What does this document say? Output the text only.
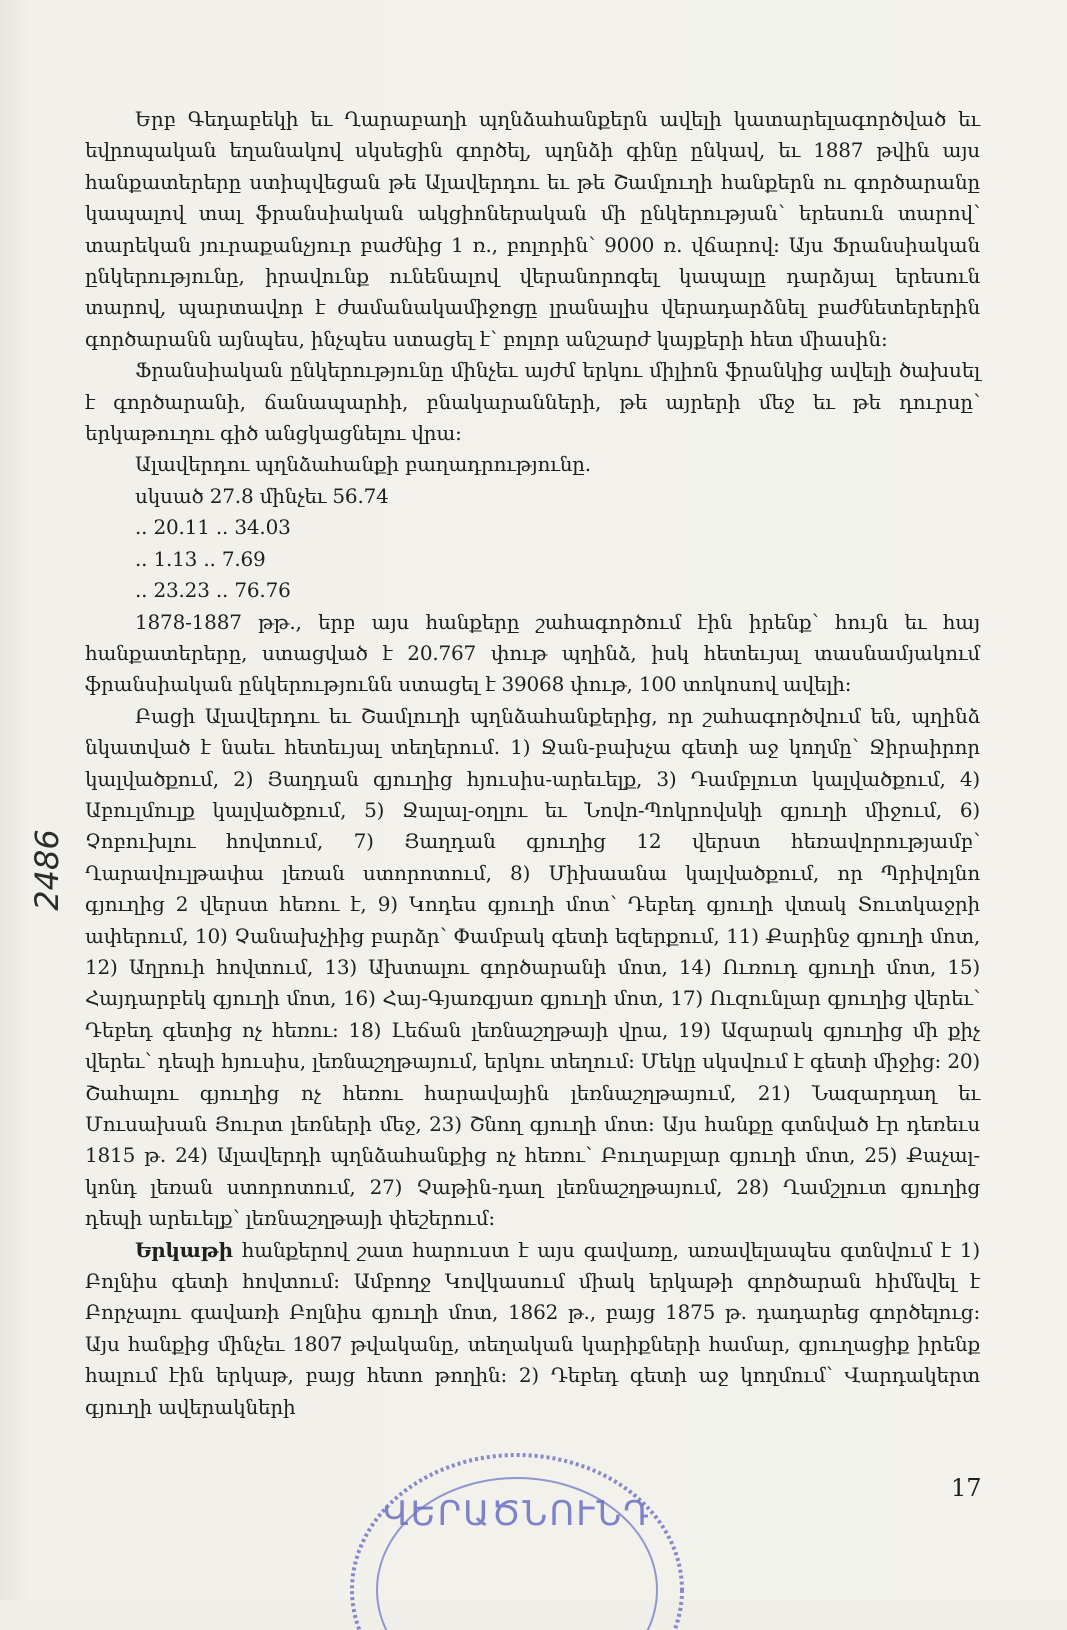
Երբ Գեդաբեկի եւ Ղարաբաղի պղնձահանքերն ավելի կատարելագործված եւ եվրոպական եղանակով սկսեցին գործել, պղնձի գինը ընկավ, եւ 1887 թվին այս հանքատերերը ստիպվեցան թե Ալավերդու եւ թե Շամլուղի հանքերն ու գործարանը կապալով տալ ֆրանսիական ակցիոներական մի ընկերության՝ երեսուն տարով՝ տարեկան յուրաքանչյուր բաժնից 1 ռ., բոլորին՝ 9000 ռ. վճարով: Այս Ֆրանսիական ընկերությունը, իրավունք ունենալով վերանորոգել կապալը դարձյալ երեսուն տարով, պարտավոր է ժամանակամիջոցը լրանալիս վերադարձնել բաժնետերերին գործարանն այնպես, ինչպես ստացել է՝ բոլոր անշարժ կայքերի հետ միասին:

Ֆրանսիական ընկերությունը մինչեւ այժմ երկու միլիոն ֆրանկից ավելի ծախսել է գործարանի, ճանապարհի, բնակարանների, թե այրերի մեջ եւ թե դուրսը՝ երկաթուղու գիծ անցկացնելու վրա:

Ալավերդու պղնձահանքի բաղադրությունը.

սկսած 27.8 մինչեւ 56.74

.. 20.11 .. 34.03

.. 1.13 .. 7.69

.. 23.23 .. 76.76

1878-1887 թթ., երբ այս հանքերը շահագործում էին իրենք՝ հույն եւ հայ հանքատերերը, ստացված է 20.767 փութ պղինձ, իսկ հետեւյալ տասնամյակում ֆրանսիական ընկերությունն ստացել է 39068 փութ, 100 տոկոսով ավելի:

Բացի Ալավերդու եւ Շամլուղի պղնձահանքերից, որ շահագործվում են, պղինձ նկատված է նաեւ հետեւյալ տեղերում. 1) Ջան-բախչա գետի աջ կողմը՝ Ջիրաիրոր կալվածքում, 2) Յաղդան գյուղից հյուսիս-արեւելք, 3) Դամբլուտ կալվածքում, 4) Աբուլմուլք կալվածքում, 5) Ջալալ-օղլու եւ Նովո-Պոկրովսկի գյուղի միջում, 6) Չոբուխլու հովտում, 7) Յաղդան գյուղից 12 վերստ հեռավորությամբ՝ Ղարավուլթափա լեռան ստորոտում, 8) Միխաանա կալվածքում, որ Պրիվոլնո գյուղից 2 վերստ հեռու է, 9) Կոդես գյուղի մոտ՝ Դեբեդ գյուղի վտակ Տուտկաջրի ափերում, 10) Չանախչիից բարձր՝ Փամբակ գետի եզերքում, 11) Քարինջ գյուղի մոտ, 12) Աղրուի հովտում, 13) Ախտալու գործարանի մոտ, 14) Ուռուդ գյուղի մոտ, 15) Հայդարբեկ գյուղի մոտ, 16) Հայ-Գյառգյառ գյուղի մոտ, 17) Ուզունլար գյուղից վերեւ՝ Դեբեդ գետից ոչ հեռու: 18) Լեճան լեռնաշղթայի վրա, 19) Ազարակ գյուղից մի քիչ վերեւ՝ դեպի հյուսիս, լեռնաշղթայում, երկու տեղում: Մեկը սկսվում է գետի միջից: 20) Շահալու գյուղից ոչ հեռու հարավային լեռնաշղթայում, 21) Նազարդաղ եւ Մուսախան Յուրտ լեռների մեջ, 23) Շնող գյուղի մոտ: Այս հանքը գտնված էր դեռեւս 1815 թ. 24) Ալավերդի պղնձահանքից ոչ հեռու՝ Բուղաբլար գյուղի մոտ, 25) Քաչալ-կոնդ լեռան ստորոտում, 27) Չաթին-դաղ լեռնաշղթայում, 28) Ղամշլուտ գյուղից դեպի արեւելք՝ լեռնաշղթայի փեշերում:

Երկաթի հանքերով շատ հարուստ է այս գավառը, առավելապես գտնվում է 1) Բոլնիս գետի հովտում: Ամբողջ Կովկասում միակ երկաթի գործարան հիմնվել է Բորչալու գավառի Բոլնիս գյուղի մոտ, 1862 թ., բայց 1875 թ. դադարեց գործելուց: Այս հանքից մինչեւ 1807 թվականը, տեղական կարիքների համար, գյուղացիք իրենք հալում էին երկաթ, բայց հետո թողին: 2) Դեբեդ գետի աջ կողմում՝ Վարդակերտ գյուղի ավերակների

2486
17
ՎԵՐԱԾՆՈՒՆԴ
